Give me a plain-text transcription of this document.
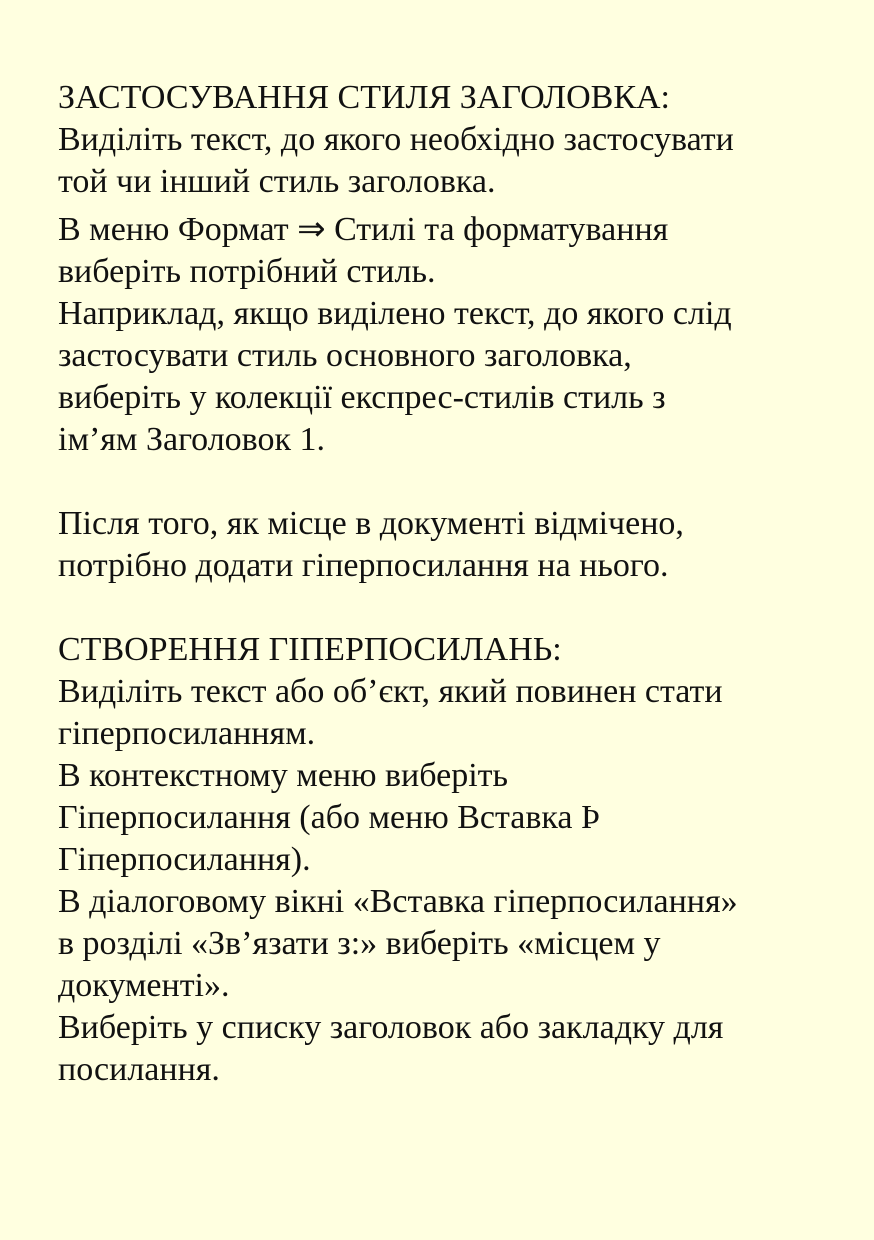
ЗАСТОСУВАННЯ СТИЛЯ ЗАГОЛОВКА:
Виділіть текст, до якого необхідно застосувати
той чи інший стиль заголовка.
В меню Формат ⇒ Стилі та форматування
виберіть потрібний стиль.
Наприклад, якщо виділено текст, до якого слід
застосувати стиль основного заголовка,
виберіть у колекції експрес-стилів стиль з
ім’ям Заголовок 1.
Після того, як місце в документі відмічено,
потрібно додати гіперпосилання на нього.
СТВОРЕННЯ ГІПЕРПОСИЛАНЬ:
Виділіть текст або об’єкт, який повинен стати
гіперпосиланням.
В контекстному меню виберіть
Гіперпосилання (або меню Вставка Þ
Гіперпосилання).
В діалоговому вікні «Вставка гіперпосилання»
в розділі «Зв’язати з:» виберіть «місцем у
документі».
Виберіть у списку заголовок або закладку для
посилання.
